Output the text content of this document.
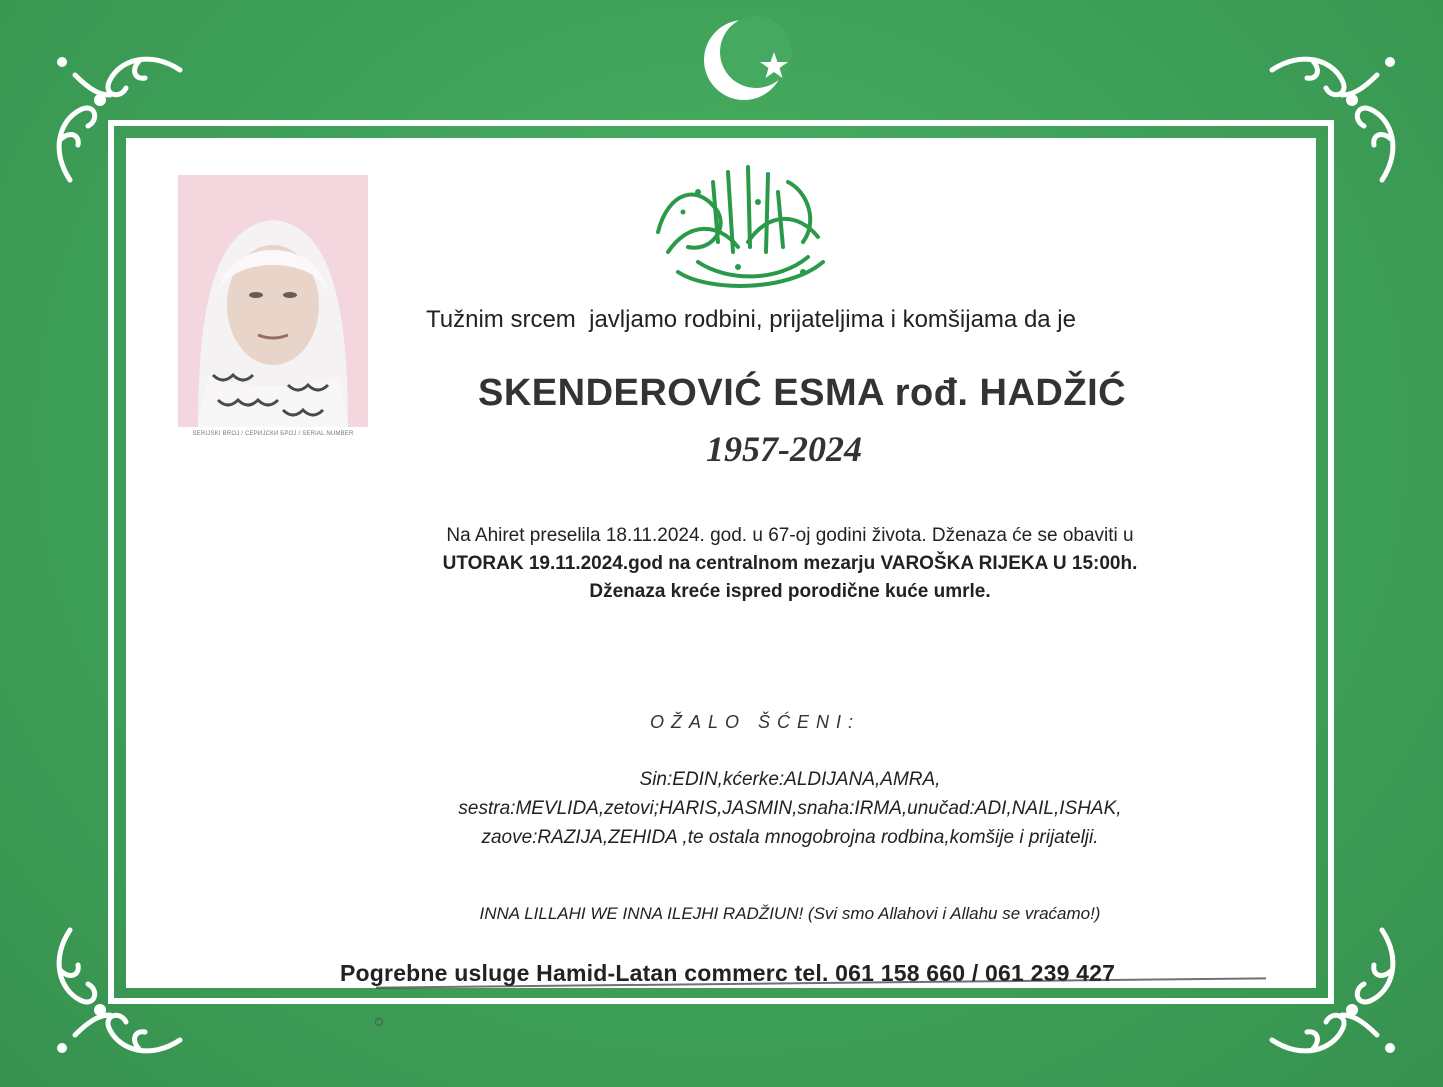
SERIJSKI BROJ / СЕРИЈСКИ БРОЈ / SERIAL NUMBER
Tužnim srcem  javljamo rodbini, prijateljima i komšijama da je
SKENDEROVIĆ ESMA rođ. HADŽIĆ
1957-2024
Na Ahiret preselila 18.11.2024. god. u 67-oj godini života. Dženaza će se obaviti u
UTORAK 19.11.2024.god na centralnom mezarju VAROŠKA RIJEKA U 15:00h.
Dženaza kreće ispred porodične kuće umrle.
OŽALO ŠĆENI:
Sin:EDIN,kćerke:ALDIJANA,AMRA,
sestra:MEVLIDA,zetovi;HARIS,JASMIN,snaha:IRMA,unučad:ADI,NAIL,ISHAK,
zaove:RAZIJA,ZEHIDA ,te ostala mnogobrojna rodbina,komšije i prijatelji.
INNA LILLAHI WE INNA ILEJHI RADŽIUN! (Svi smo Allahovi i Allahu se vraćamo!)
Pogrebne usluge Hamid-Latan commerc tel. 061 158 660 / 061 239 427
